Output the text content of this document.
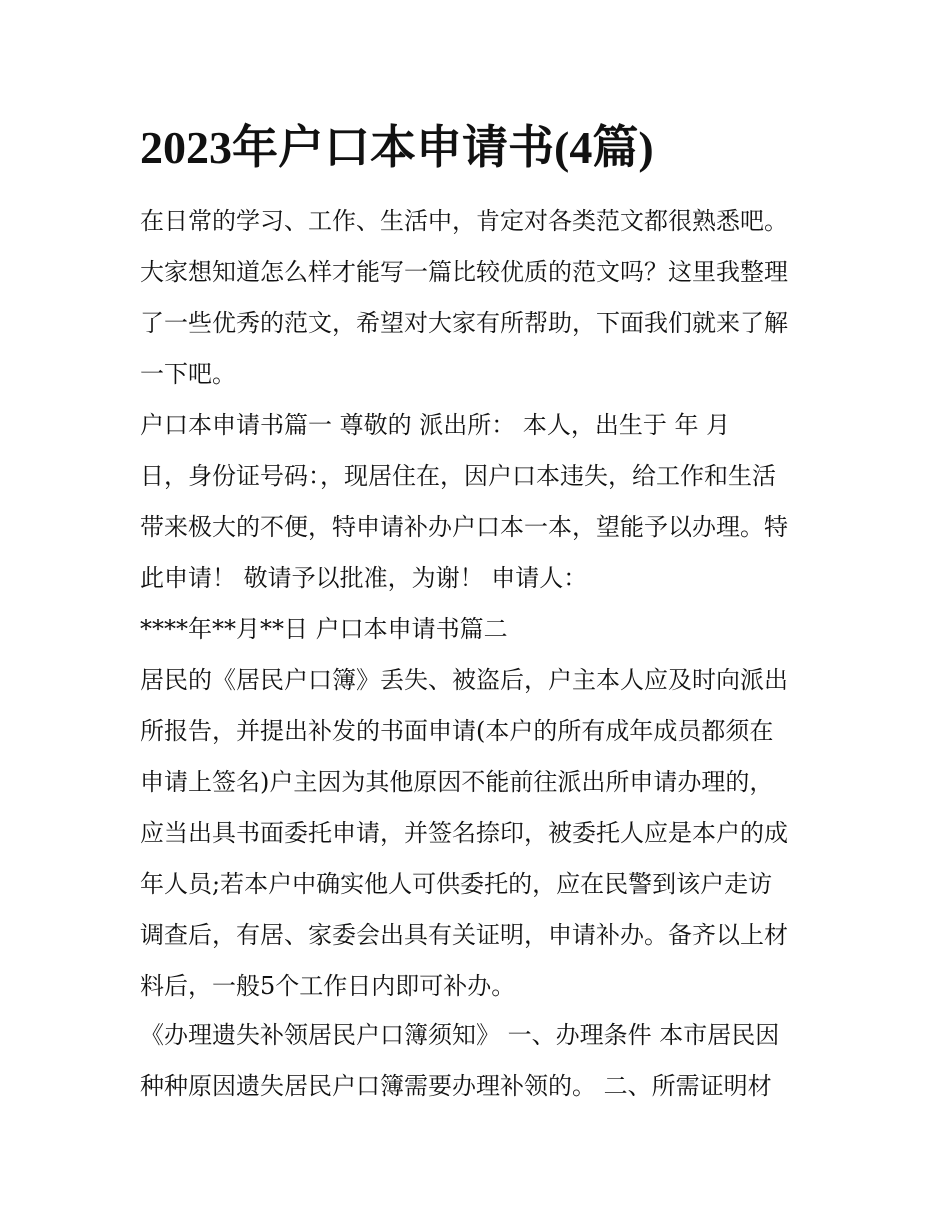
2023年户口本申请书(4篇)
在日常的学习、工作、生活中，肯定对各类范文都很熟悉吧。
大家想知道怎么样才能写一篇比较优质的范文吗？这里我整理
了一些优秀的范文，希望对大家有所帮助，下面我们就来了解
一下吧。
户口本申请书篇一 尊敬的 派出所： 本人，出生于 年 月
日，身份证号码：，现居住在，因户口本违失，给工作和生活
带来极大的不便，特申请补办户口本一本，望能予以办理。特
此申请！ 敬请予以批准，为谢！ 申请人：
****年**月**日 户口本申请书篇二
居民的《居民户口簿》丢失、被盗后，户主本人应及时向派出
所报告，并提出补发的书面申请(本户的所有成年成员都须在
申请上签名)户主因为其他原因不能前往派出所申请办理的，
应当出具书面委托申请，并签名捺印，被委托人应是本户的成
年人员;若本户中确实他人可供委托的，应在民警到该户走访
调查后，有居、家委会出具有关证明，申请补办。备齐以上材
料后，一般5个工作日内即可补办。
《办理遗失补领居民户口簿须知》 一、办理条件 本市居民因
种种原因遗失居民户口簿需要办理补领的。 二、所需证明材
